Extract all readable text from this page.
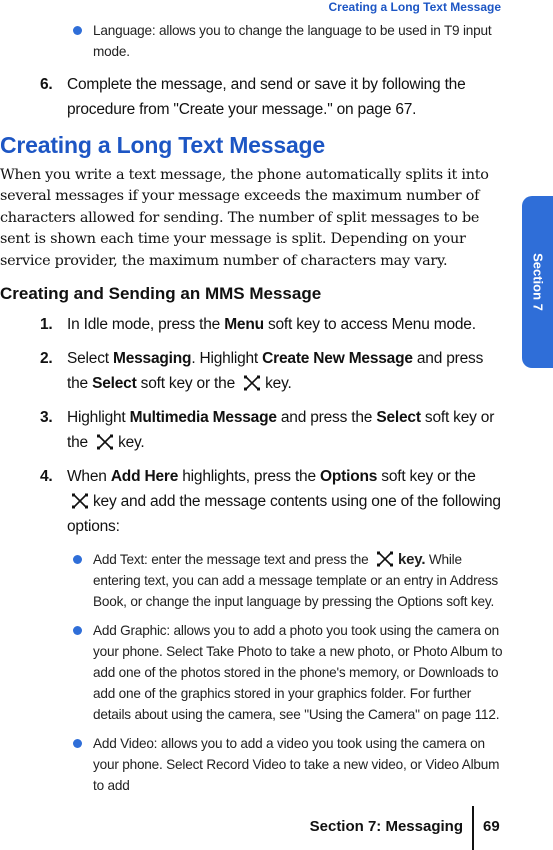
Creating a Long Text Message
Section 7
Language: allows you to change the language to be used in T9 input mode.
6. Complete the message, and send or save it by following the procedure from "Create your message." on page 67.
Creating a Long Text Message

When you write a text message, the phone automatically splits it into several messages if your message exceeds the maximum number of characters allowed for sending. The number of split messages to be sent is shown each time your message is split. Depending on your service provider, the maximum number of characters may vary.

Creating and Sending an MMS Message
1. In Idle mode, press the Menu soft key to access Menu mode.
2. Select Messaging. Highlight Create New Message and press the Select soft key or the key.
3. Highlight Multimedia Message and press the Select soft key or the key.
4. When Add Here highlights, press the Options soft key or the key and add the message contents using one of the following options:
Add Text: enter the message text and press the key. While entering text, you can add a message template or an entry in Address Book, or change the input language by pressing the Options soft key.
Add Graphic: allows you to add a photo you took using the camera on your phone. Select Take Photo to take a new photo, or Photo Album to add one of the photos stored in the phone's memory, or Downloads to add one of the graphics stored in your graphics folder. For further details about using the camera, see "Using the Camera" on page 112.
Add Video: allows you to add a video you took using the camera on your phone. Select Record Video to take a new video, or Video Album to add
Section 7: Messaging 69
